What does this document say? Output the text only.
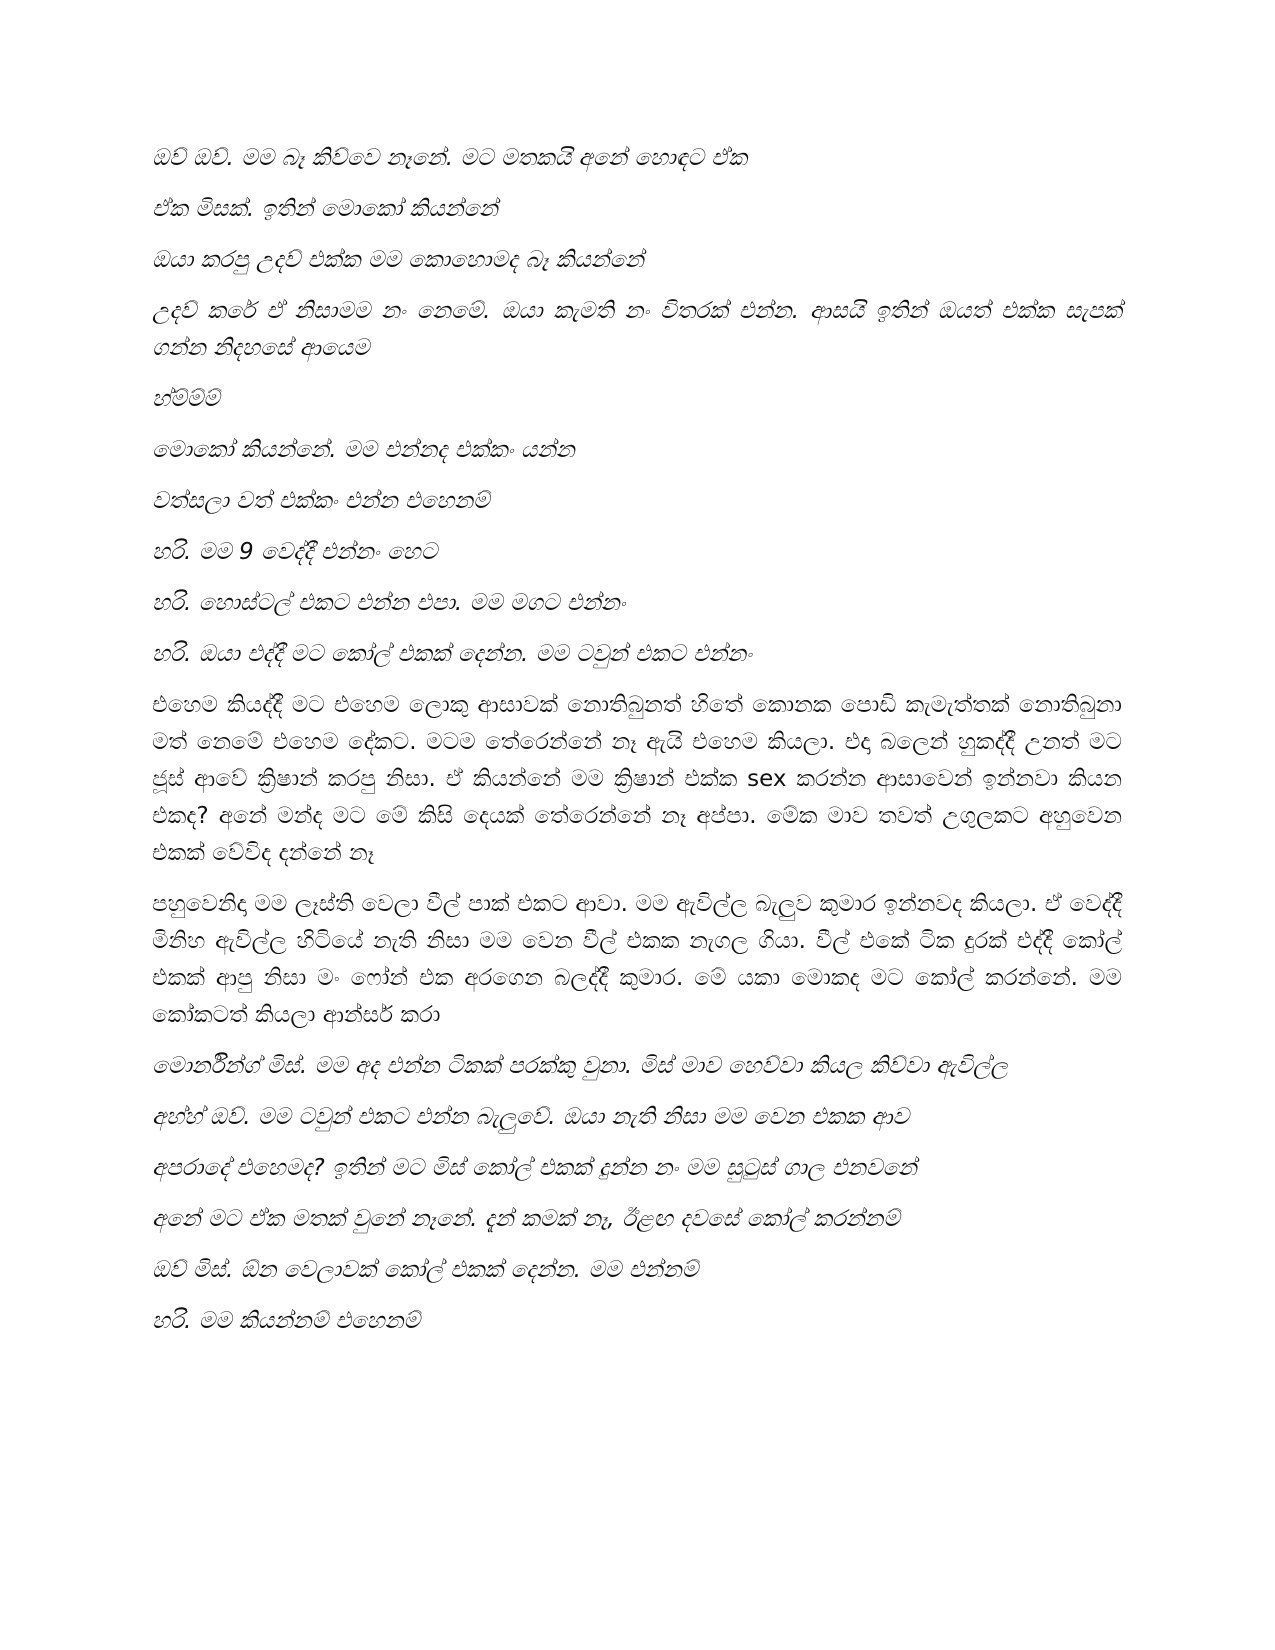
ඔව් ඔව්. මම බෑ කිව්වෙ නෑනේ. මට මතකයි අනේ හොඳට ඒක

ඒක මිසක්. ඉතින් මොකෝ කියන්නේ

ඔයා කරපු උදව් එක්ක මම කොහොමද බෑ කියන්නේ

උදව් කරේ ඒ නිසාමම නං නෙමේ. ඔයා කැමති නං විතරක් එන්න. ආසයි ඉතින් ඔයත් එක්ක සැපක් ගන්න නිදහසේ ආයෙම

හ්ම්ම්ම්

මොකෝ කියන්නේ. මම එන්නද එක්කං යන්න

වත්සලා වත් එක්කං එන්න එහෙනම්

හරි. මම 9 වෙද්දී එන්නං හෙට

හරි. හොස්ටල් එකට එන්න එපා. මම මගට එන්නං

හරි. ඔයා එද්දී මට කෝල් එකක් දෙන්න. මම ටවුන් එකට එන්නං

එහෙම කියද්දී මට එහෙම ලොකු ආසාවක් නොතිබුනත් හිතේ කොනක පොඩි කැමැත්තක් නොතිබුනා මත් නෙමේ එහෙම දේකට. මටම තේරෙන්නේ නෑ ඇයි එහෙම කියලා. එදා බලෙන් හුකද්දී උනත් මට ජූස් ආවේ ක්‍රිෂාන් කරපු නිසා. ඒ කියන්නේ මම ක්‍රිෂාන් එක්ක sex කරන්න ආසාවෙන් ඉන්නවා කියන එකද? අනේ මන්ද මට මේ කිසි දෙයක් තේරෙන්නේ නෑ අප්පා. මේක මාව තවත් උගුලකට අහුවෙන එකක් වේවිද දන්නේ නෑ

පහුවෙනිදා මම ලෑස්ති වෙලා වීල් පාක් එකට ආවා. මම ඇවිල්ල බැලුව කුමාර ඉන්නවද කියලා. ඒ වෙද්දී මිනිහ ඇවිල්ල හිටියේ නැති නිසා මම වෙන වීල් එකක නැගල ගියා. වීල් එකේ ටික දුරක් එද්දී කෝල් එකක් ආපු නිසා මං ෆෝන් එක අරගෙන බලද්දී කුමාර. මේ යකා මොකද මට කෝල් කරන්නේ. මම කෝකටත් කියලා ආන්සර් කරා

මොර්නින්ග් මිස්. මම අද එන්න ටිකක් පරක්කු වුනා. මිස් මාව හෙව්වා කියල කිව්වා ඇවිල්ල

අහ්හ් ඔව්. මම ටවුන් එකට එන්න බැලුවේ. ඔයා නැති නිසා මම වෙන එකක ආව

අපරාදේ එහෙමද? ඉතින් මට මිස් කෝල් එකක් දුන්න නං මම සුටුස් ගාල එනවනේ

අනේ මට ඒක මතක් වුනේ නෑනේ. දැන් කමක් නෑ, ඊළඟ දවසේ කෝල් කරන්නම්

ඔව් මිස්. ඕන වෙලාවක් කෝල් එකක් දෙන්න. මම එන්නම්

හරි. මම කියන්නම් එහෙනම්
